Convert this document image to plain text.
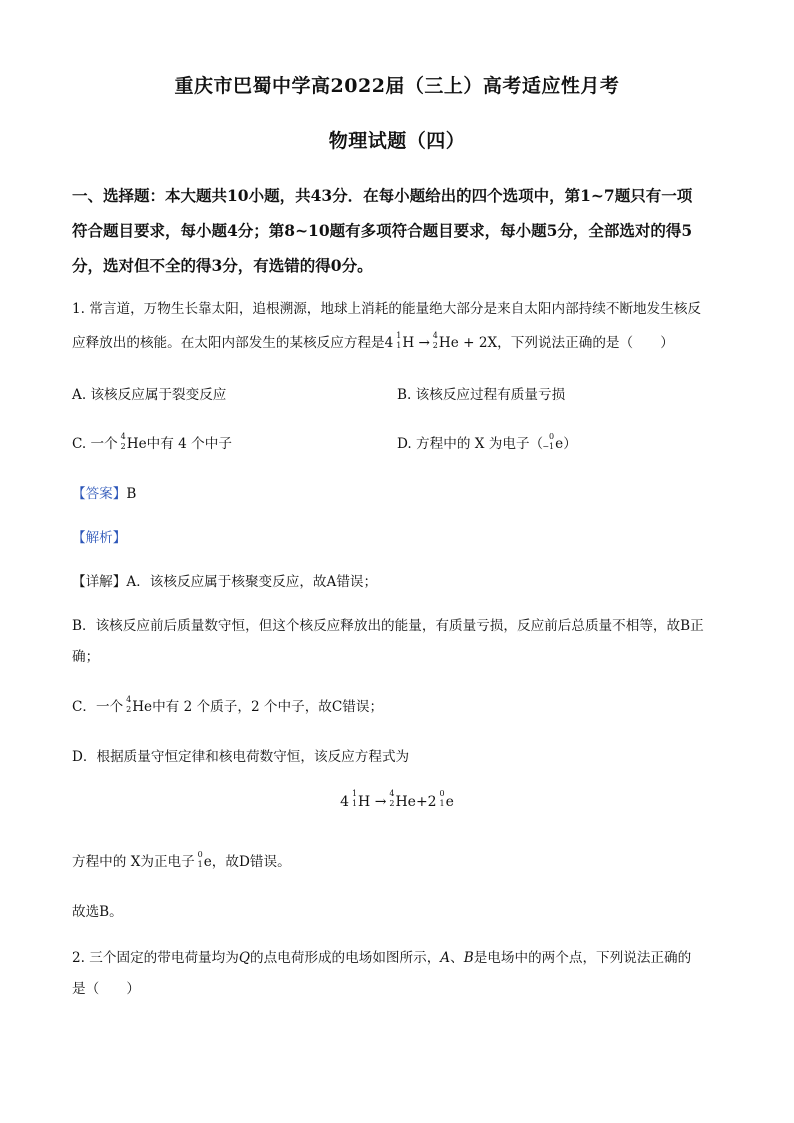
重庆市巴蜀中学高2022届（三上）高考适应性月考
物理试题（四）
一、选择题：本大题共10小题，共43分．在每小题给出的四个选项中，第1~7题只有一项
符合题目要求，每小题4分；第8~10题有多项符合题目要求，每小题5分，全部选对的得5
分，选对但不全的得3分，有选错的得0分。
1. 常言道，万物生长靠太阳，追根溯源，地球上消耗的能量绝大部分是来自太阳内部持续不断地发生核反
应释放出的核能。在太阳内部发生的某核反应方程是4 1
1 H → 4
2 He + 2X，下列说法正确的是（　　）
A. 该核反应属于裂变反应	B. 该核反应过程有质量亏损
C. 一个 4
2 He中有 4 个中子	D. 方程中的 X 为电子（ 0
−1 e）
【答案】B
【解析】
【详解】A．该核反应属于核聚变反应，故A错误；
B．该核反应前后质量数守恒，但这个核反应释放出的能量，有质量亏损，反应前后总质量不相等，故B正
确；
C．一个 4
2 He中有 2 个质子，2 个中子，故C错误；
D．根据质量守恒定律和核电荷数守恒，该反应方程式为
4
1
1 H →
4
2 He+2
0
1 e
方程中的 X为正电子 0
1 e，故D错误。
故选B。
2. 三个固定的带电荷量均为Q的点电荷形成的电场如图所示，A、B是电场中的两个点，下列说法正确的
是（　　）
